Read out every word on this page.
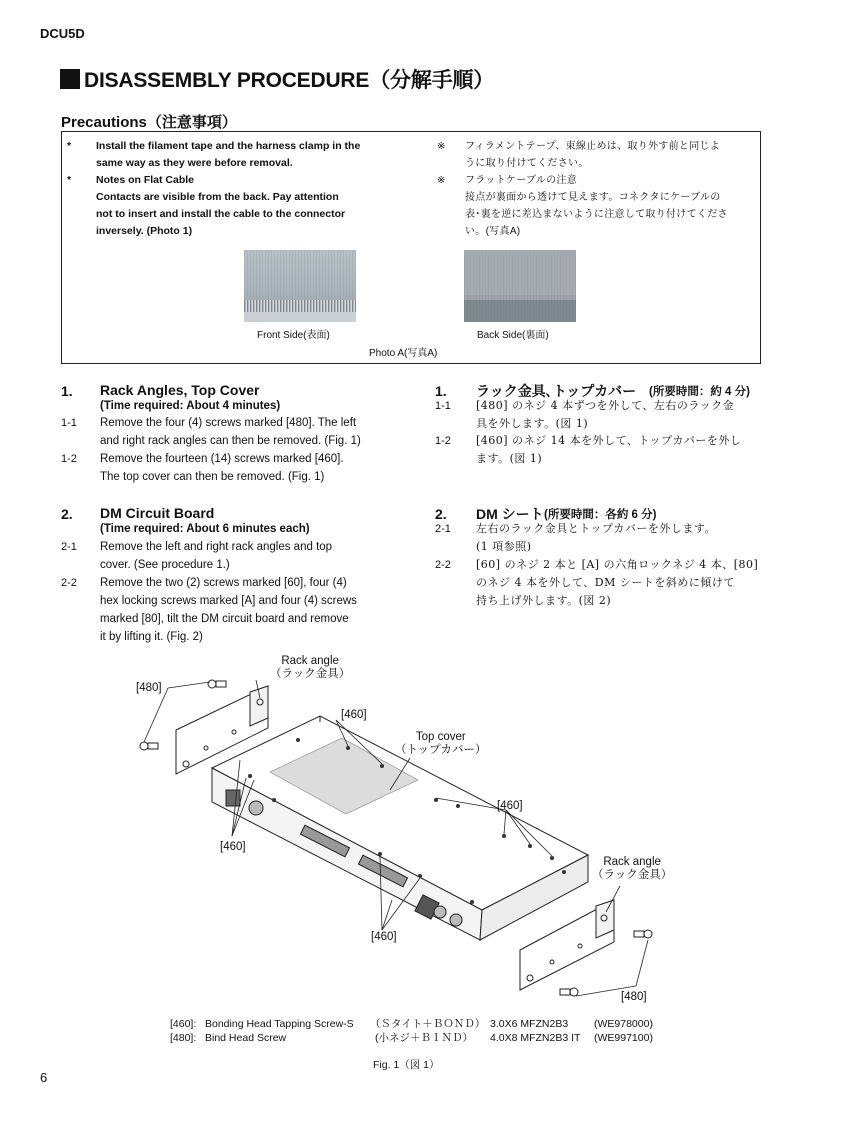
DCU5D
DISASSEMBLY PROCEDURE（分解手順）
Precautions（注意事項）
* Install the filament tape and the harness clamp in the
same way as they were before removal.
* Notes on Flat Cable
Contacts are visible from the back. Pay attention
not to insert and install the cable to the connector
inversely. (Photo 1)
※ フィラメントテープ、束線止めは、取り外す前と同じよ
うに取り付けてください。
※ フラットケーブルの注意
接点が裏面から透けて見えます。コネクタにケーブルの
表･裏を逆に差込まないように注意して取り付けてくださ
い。(写真A)
Front Side(表面)	Back Side(裏面)
Photo A(写真A)
1. Rack Angles, Top Cover
(Time required: About 4 minutes)
1-1 Remove the four (4) screws marked [480]. The left
and right rack angles can then be removed. (Fig. 1)
1-2 Remove the fourteen (14) screws marked [460].
The top cover can then be removed. (Fig. 1)
1. ラック金具､トップカバー (所要時間：約 4 分)
1-1 [480] のネジ 4 本ずつを外して、左右のラック金
具を外します。(図 1)
1-2 [460] のネジ 14 本を外して、トップカバーを外し
ます。(図 1)
2. DM Circuit Board
(Time required: About 6 minutes each)
2-1 Remove the left and right rack angles and top
cover. (See procedure 1.)
2-2 Remove the two (2) screws marked [60], four (4)
hex locking screws marked [A] and four (4) screws
marked [80], tilt the DM circuit board and remove
it by lifting it. (Fig. 2)
2. DM シート (所要時間：各約 6 分)
2-1 左右のラック金具とトップカバーを外します。
(1 項参照)
2-2 [60] のネジ 2 本と [A] の六角ロックネジ 4 本、[80]
のネジ 4 本を外して、DM シートを斜めに傾けて
持ち上げ外します。(図 2)
Rack angle
（ラック金具）
[480]
[460]
Top cover
（トップカバー）
[460]
[460]
Rack angle
（ラック金具）
[460]
[480]
[460]: Bonding Head Tapping Screw-S （Ｓタイト＋ＢＯＮＤ） 3.0X6 MFZN2B3 (WE978000)
[480]: Bind Head Screw	(小ネジ＋ＢＩＮＤ） 4.0X8 MFZN2B3 IT (WE997100)
Fig. 1（図 1）
6
